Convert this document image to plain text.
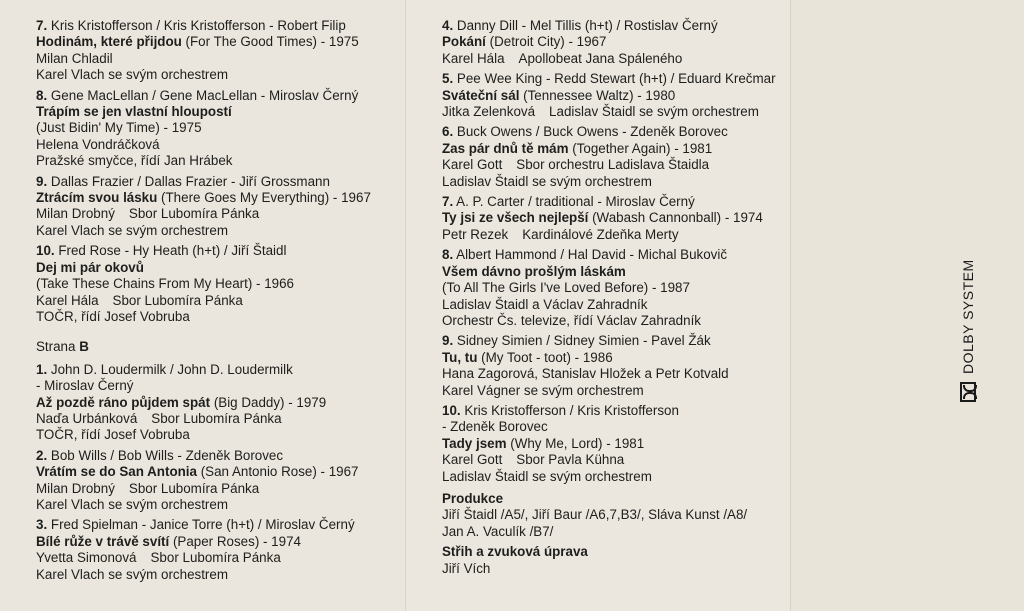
7. Kris Kristofferson / Kris Kristofferson - Robert Filip
Hodinám, které přijdou (For The Good Times) - 1975
Milan Chladil
Karel Vlach se svým orchestrem
8. Gene MacLellan / Gene MacLellan - Miroslav Černý
Trápím se jen vlastní hloupostí
(Just Bidin' My Time) - 1975
Helena Vondráčková
Pražské smyčce, řídí Jan Hrábek
9. Dallas Frazier / Dallas Frazier - Jiří Grossmann
Ztrácím svou lásku (There Goes My Everything) - 1967
Milan Drobný Sbor Lubomíra Pánka
Karel Vlach se svým orchestrem
10. Fred Rose - Hy Heath (h+t) / Jiří Štaidl
Dej mi pár okovů
(Take These Chains From My Heart) - 1966
Karel Hála Sbor Lubomíra Pánka
TOČR, řídí Josef Vobruba
Strana B
1. John D. Loudermilk / John D. Loudermilk
- Miroslav Černý
Až pozdě ráno půjdem spát (Big Daddy) - 1979
Naďa Urbánková Sbor Lubomíra Pánka
TOČR, řídí Josef Vobruba
2. Bob Wills / Bob Wills - Zdeněk Borovec
Vrátím se do San Antonia (San Antonio Rose) - 1967
Milan Drobný Sbor Lubomíra Pánka
Karel Vlach se svým orchestrem
3. Fred Spielman - Janice Torre (h+t) / Miroslav Černý
Bílé růže v trávě svítí (Paper Roses) - 1974
Yvetta Simonová Sbor Lubomíra Pánka
Karel Vlach se svým orchestrem
4. Danny Dill - Mel Tillis (h+t) / Rostislav Černý
Pokání (Detroit City) - 1967
Karel Hála Apollobeat Jana Spáleného
5. Pee Wee King - Redd Stewart (h+t) / Eduard Krečmar
Sváteční sál (Tennessee Waltz) - 1980
Jitka Zelenková Ladislav Štaidl se svým orchestrem
6. Buck Owens / Buck Owens - Zdeněk Borovec
Zas pár dnů tě mám (Together Again) - 1981
Karel Gott Sbor orchestru Ladislava Štaidla
Ladislav Štaidl se svým orchestrem
7. A. P. Carter / traditional - Miroslav Černý
Ty jsi ze všech nejlepší (Wabash Cannonball) - 1974
Petr Rezek Kardinálové Zdeňka Merty
8. Albert Hammond / Hal David - Michal Bukovič
Všem dávno prošlým láskám
(To All The Girls I've Loved Before) - 1987
Ladislav Štaidl a Václav Zahradník
Orchestr Čs. televize, řídí Václav Zahradník
9. Sidney Simien / Sidney Simien - Pavel Žák
Tu, tu (My Toot - toot) - 1986
Hana Zagorová, Stanislav Hložek a Petr Kotvald
Karel Vágner se svým orchestrem
10. Kris Kristofferson / Kris Kristofferson
- Zdeněk Borovec
Tady jsem (Why Me, Lord) - 1981
Karel Gott Sbor Pavla Kühna
Ladislav Štaidl se svým orchestrem
Produkce
Jiří Štaidl /A5/, Jiří Baur /A6,7,B3/, Sláva Kunst /A8/
Jan A. Vaculík /B7/
Střih a zvuková úprava
Jiří Vích
DOLBY SYSTEM
